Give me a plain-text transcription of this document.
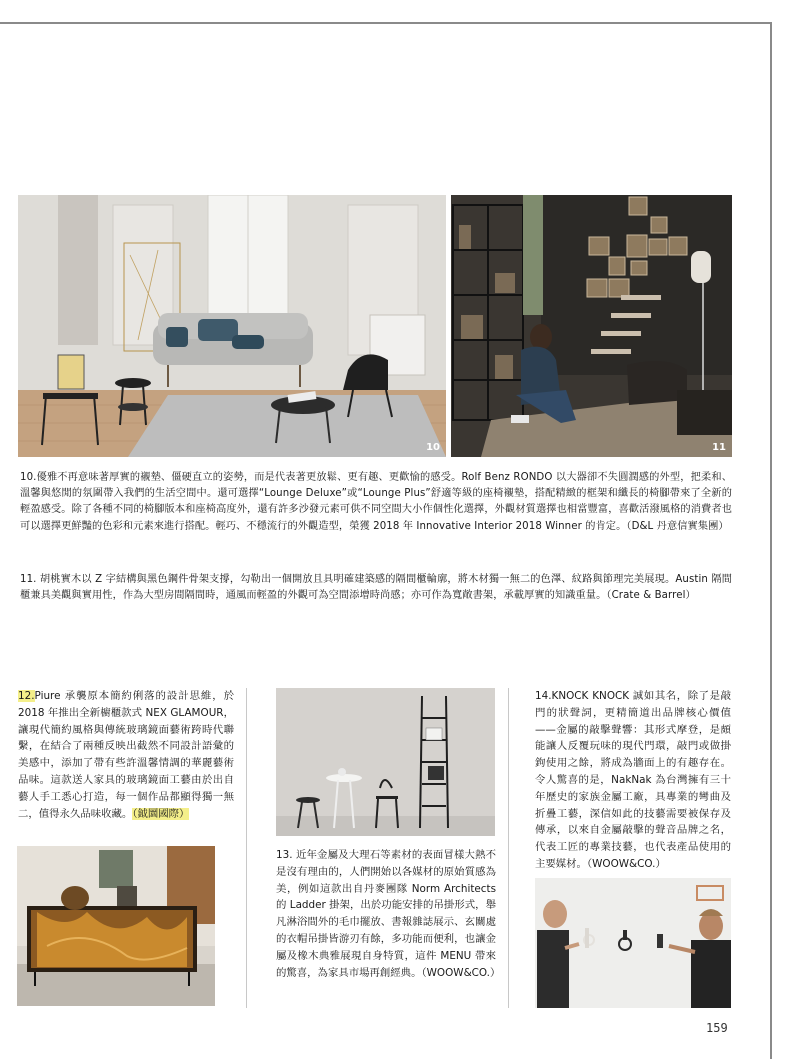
10	11

10.優雅不再意味著厚實的襯墊、僵硬直立的姿勢，而是代表著更放鬆、更有趣、更歡愉的感受。Rolf Benz RONDO 以大器卻不失圓潤感的外型，把柔和、溫馨與悠閒的氛圍帶入我們的生活空間中。還可選擇“Lounge Deluxe”或“Lounge Plus”舒適等級的座椅襯墊，搭配精緻的框架和纖長的椅腳帶來了全新的輕盈感受。除了各種不同的椅腳版本和座椅高度外，還有許多沙發元素可供不同空間大小作個性化選擇，外觀材質選擇也相當豐富，喜歡活潑風格的消費者也可以選擇更鮮豔的色彩和元素來進行搭配。輕巧、不穩流行的外觀造型，榮獲 2018 年 Innovative Interior 2018 Winner 的肯定。（D&L 丹意信實集團）

11. 胡桃實木以 Z 字結構與黑色鋼件骨架支撐，勾勒出一個開放且具明確建築感的隔間櫃輪廓，將木材獨一無二的色澤、紋路與節理完美展現。Austin 隔間櫃兼具美觀與實用性，作為大型房間隔間時，通風而輕盈的外觀可為空間添增時尚感；亦可作為寬敞書架，承載厚實的知識重量。（Crate & Barrel）

12.Piure 承襲原本簡約俐落的設計思維，於 2018 年推出全新櫥櫃款式 NEX GLAMOUR，讓現代簡約風格與傳統玻璃鏡面藝術跨時代聯繫，在結合了兩種反映出截然不同設計語彙的美感中，添加了帶有些許溫馨情調的華麗藝術品味。這款送人家具的玻璃鏡面工藝由於出自藝人手工悉心打造，每一個作品都顯得獨一無二，值得永久品味收藏。（鉞圜國際）

13. 近年金屬及大理石等素材的表面冒樣大熱不是沒有理由的，人們開始以各媒材的原始質感為美，例如這款出自丹麥團隊 Norm Architects 的 Ladder 掛架，出於功能安排的吊掛形式，舉凡淋浴間外的毛巾擺放、書報雜誌展示、玄關處的衣帽吊掛皆游刃有餘，多功能而便利，也讓金屬及橡木典雅展現自身特質，這件 MENU 帶來的驚喜，為家具市場再創經典。（WOOW&CO.）

14.KNOCK KNOCK 誠如其名，除了是敲門的狀聲詞，更精簡道出品牌核心價值——金屬的敲擊聲響：其形式摩登，是頗能讓人反覆玩味的現代門環，敲門或做掛鉤使用之餘，將成為牆面上的有趣存在。令人驚喜的是，NakNak 為台灣擁有三十年歷史的家族金屬工廠，具專業的彎曲及折疊工藝，深信如此的技藝需要被保存及傳承，以來自金屬敲擊的聲音品牌之名，代表工匠的專業技藝，也代表產品使用的主要媒材。（WOOW&CO.）

159
